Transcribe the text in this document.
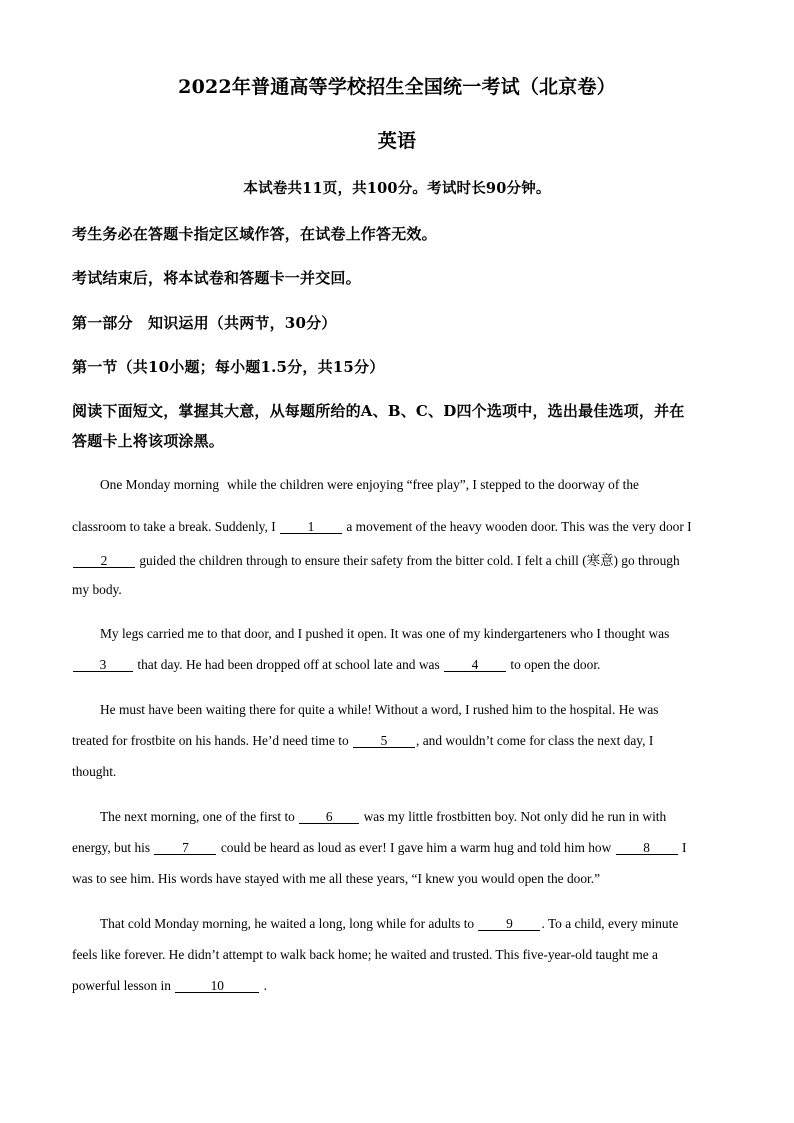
2022年普通高等学校招生全国统一考试（北京卷）
英语
本试卷共11页，共100分。考试时长90分钟。
考生务必在答题卡指定区域作答，在试卷上作答无效。
考试结束后，将本试卷和答题卡一并交回。
第一部分　知识运用（共两节，30分）
第一节（共10小题；每小题1.5分，共15分）
阅读下面短文，掌握其大意，从每题所给的A、B、C、D四个选项中，选出最佳选项，并在
答题卡上将该项涂黑。
One Monday morning while the children were enjoying “free play”, I stepped to the doorway of the
classroom to take a break. Suddenly, I 1 a movement of the heavy wooden door. This was the very door I
2 guided the children through to ensure their safety from the bitter cold. I felt a chill (寒意) go through
my body.
My legs carried me to that door, and I pushed it open. It was one of my kindergarteners who I thought was
3 that day. He had been dropped off at school late and was 4 to open the door.
He must have been waiting there for quite a while! Without a word, I rushed him to the hospital. He was
treated for frostbite on his hands. He’d need time to 5 , and wouldn’t come for class the next day, I
thought.
The next morning, one of the first to 6 was my little frostbitten boy. Not only did he run in with
energy, but his 7 could be heard as loud as ever! I gave him a warm hug and told him how 8 I
was to see him. His words have stayed with me all these years, “I knew you would open the door.”
That cold Monday morning, he waited a long, long while for adults to 9 . To a child, every minute
feels like forever. He didn’t attempt to walk back home; he waited and trusted. This five-year-old taught me a
powerful lesson in	10	.
